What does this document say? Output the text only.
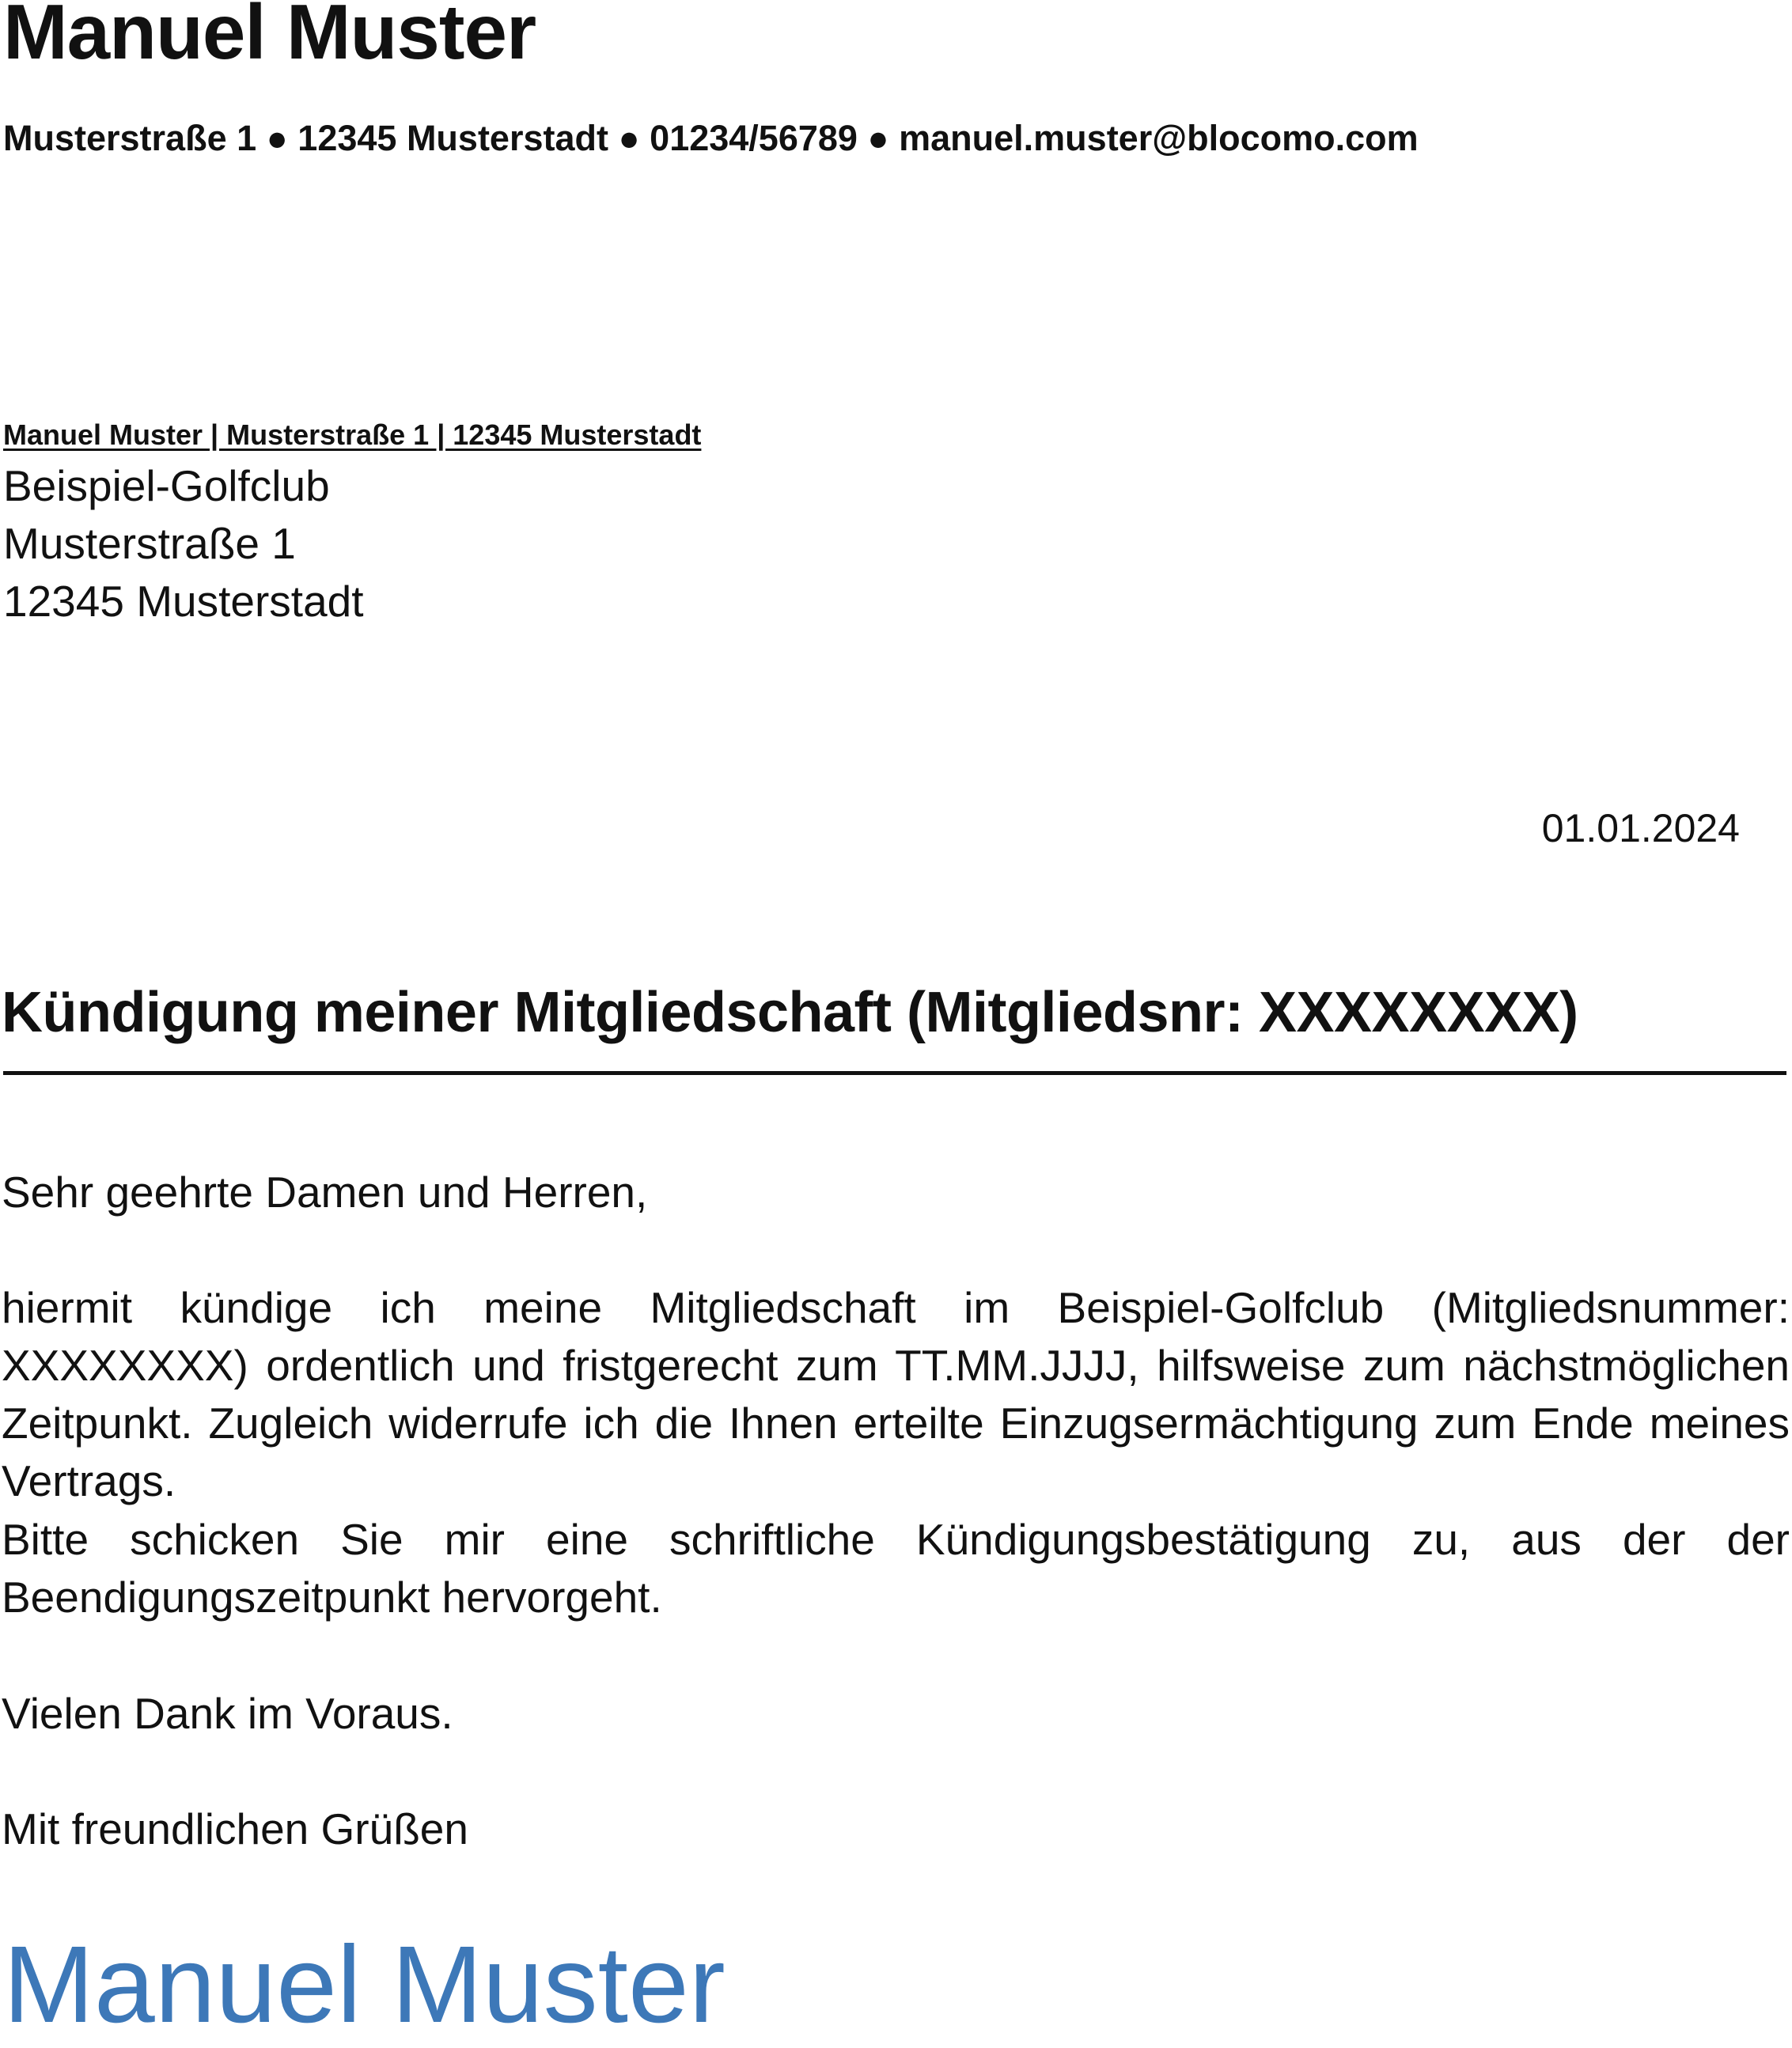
Manuel Muster
Musterstraße 1 ● 12345 Musterstadt ● 01234/56789 ● manuel.muster@blocomo.com
Manuel Muster | Musterstraße 1 | 12345 Musterstadt
Beispiel-Golfclub
Musterstraße 1
12345 Musterstadt
01.01.2024
Kündigung meiner Mitgliedschaft (Mitgliedsnr: XXXXXXXX)
Sehr geehrte Damen und Herren,
hiermit kündige ich meine Mitgliedschaft im Beispiel-Golfclub (Mitgliedsnummer: XXXXXXXX) ordentlich und fristgerecht zum TT.MM.JJJJ, hilfsweise zum nächstmöglichen Zeitpunkt. Zugleich widerrufe ich die Ihnen erteilte Einzugsermächtigung zum Ende meines Vertrags.
Bitte schicken Sie mir eine schriftliche Kündigungsbestätigung zu, aus der der Beendigungszeitpunkt hervorgeht.
Vielen Dank im Voraus.
Mit freundlichen Grüßen
Manuel Muster
